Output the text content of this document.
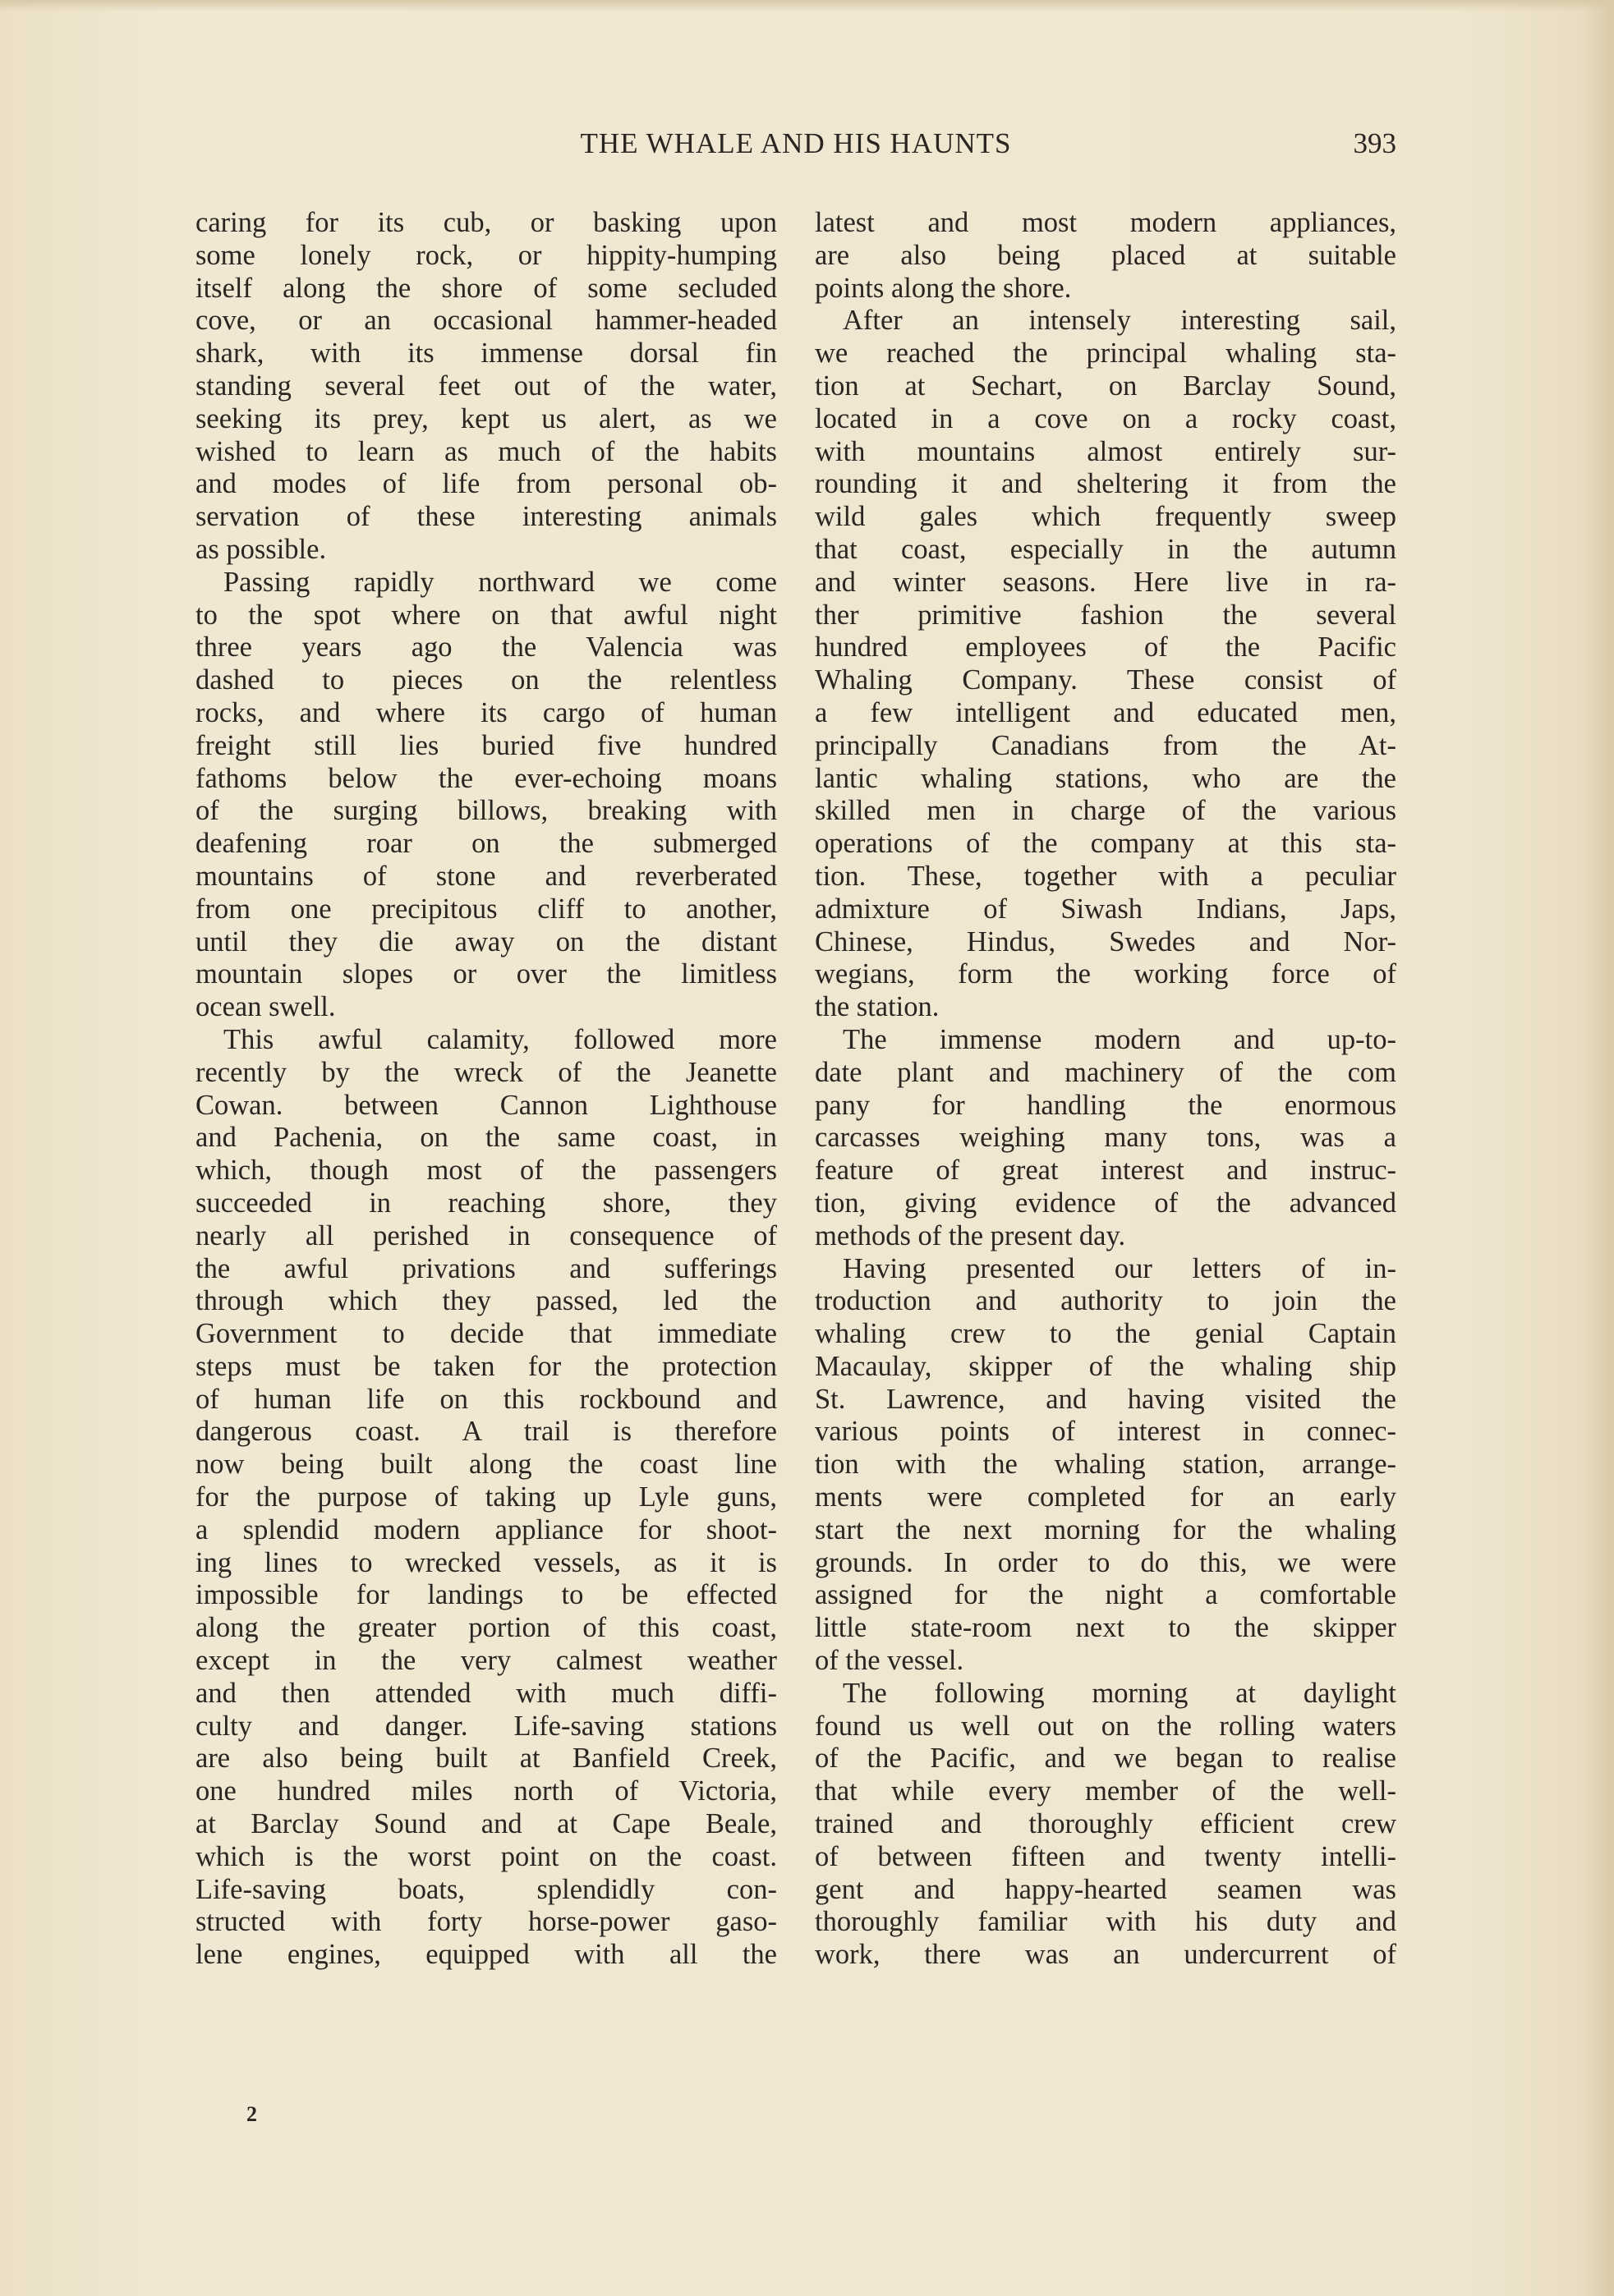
THE WHALE AND HIS HAUNTS	393
caring for its cub, or basking upon
some lonely rock, or hippity-humping
itself along the shore of some secluded
cove, or an occasional hammer-headed
shark, with its immense dorsal fin
standing several feet out of the water,
seeking its prey, kept us alert, as we
wished to learn as much of the habits
and modes of life from personal ob-
servation of these interesting animals
as possible.
Passing rapidly northward we come
to the spot where on that awful night
three years ago the Valencia was
dashed to pieces on the relentless
rocks, and where its cargo of human
freight still lies buried five hundred
fathoms below the ever-echoing moans
of the surging billows, breaking with
deafening roar on the submerged
mountains of stone and reverberated
from one precipitous cliff to another,
until they die away on the distant
mountain slopes or over the limitless
ocean swell.
This awful calamity, followed more
recently by the wreck of the Jeanette
Cowan. between Cannon Lighthouse
and Pachenia, on the same coast, in
which, though most of the passengers
succeeded in reaching shore, they
nearly all perished in consequence of
the awful privations and sufferings
through which they passed, led the
Government to decide that immediate
steps must be taken for the protection
of human life on this rockbound and
dangerous coast. A trail is therefore
now being built along the coast line
for the purpose of taking up Lyle guns,
a splendid modern appliance for shoot-
ing lines to wrecked vessels, as it is
impossible for landings to be effected
along the greater portion of this coast,
except in the very calmest weather
and then attended with much diffi-
culty and danger. Life-saving stations
are also being built at Banfield Creek,
one hundred miles north of Victoria,
at Barclay Sound and at Cape Beale,
which is the worst point on the coast.
Life-saving boats, splendidly con-
structed with forty horse-power gaso-
lene engines, equipped with all the
latest and most modern appliances,
are also being placed at suitable
points along the shore.
After an intensely interesting sail,
we reached the principal whaling sta-
tion at Sechart, on Barclay Sound,
located in a cove on a rocky coast,
with mountains almost entirely sur-
rounding it and sheltering it from the
wild gales which frequently sweep
that coast, especially in the autumn
and winter seasons. Here live in ra-
ther primitive fashion the several
hundred employees of the Pacific
Whaling Company. These consist of
a few intelligent and educated men,
principally Canadians from the At-
lantic whaling stations, who are the
skilled men in charge of the various
operations of the company at this sta-
tion. These, together with a peculiar
admixture of Siwash Indians, Japs,
Chinese, Hindus, Swedes and Nor-
wegians, form the working force of
the station.
The immense modern and up-to-
date plant and machinery of the com
pany for handling the enormous
carcasses weighing many tons, was a
feature of great interest and instruc-
tion, giving evidence of the advanced
methods of the present day.
Having presented our letters of in-
troduction and authority to join the
whaling crew to the genial Captain
Macaulay, skipper of the whaling ship
St. Lawrence, and having visited the
various points of interest in connec-
tion with the whaling station, arrange-
ments were completed for an early
start the next morning for the whaling
grounds. In order to do this, we were
assigned for the night a comfortable
little state-room next to the skipper
of the vessel.
The following morning at daylight
found us well out on the rolling waters
of the Pacific, and we began to realise
that while every member of the well-
trained and thoroughly efficient crew
of between fifteen and twenty intelli-
gent and happy-hearted seamen was
thoroughly familiar with his duty and
work, there was an undercurrent of
2
